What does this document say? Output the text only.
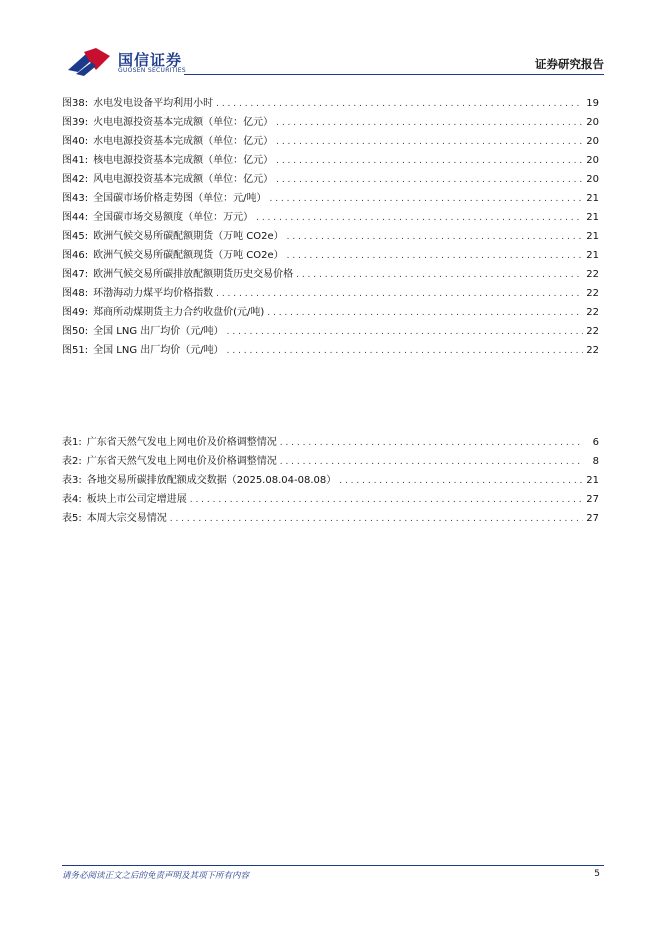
国信证券
GUOSEN SECURITIES	证券研究报告
图38: 水电发电设备平均利用小时 . . .	19
图39: 火电电源投资基本完成额（单位：亿元） . . .	20
图40: 水电电源投资基本完成额（单位：亿元） . . .	20
图41: 核电电源投资基本完成额（单位：亿元） . . .	20
图42: 风电电源投资基本完成额（单位：亿元） . . .	20
图43: 全国碳市场价格走势图（单位：元/吨） . . .	21
图44: 全国碳市场交易额度（单位：万元） . . .	21
图45: 欧洲气候交易所碳配额期货（万吨 CO2e） . . .	21
图46: 欧洲气候交易所碳配额现货（万吨 CO2e） . . .	21
图47: 欧洲气候交易所碳排放配额期货历史交易价格 . . .	22
图48: 环渤海动力煤平均价格指数 . . .	22
图49: 郑商所动煤期货主力合约收盘价(元/吨) . . .	22
图50: 全国 LNG 出厂均价（元/吨） . . .	22
图51: 全国 LNG 出厂均价（元/吨） . . .	22
表1: 广东省天然气发电上网电价及价格调整情况 . . .	6
表2: 广东省天然气发电上网电价及价格调整情况 . . .	8
表3: 各地交易所碳排放配额成交数据（2025.08.04-08.08） . . .	21
表4: 板块上市公司定增进展 . . .	27
表5: 本周大宗交易情况 . . .	27
请务必阅读正文之后的免责声明及其项下所有内容	5
